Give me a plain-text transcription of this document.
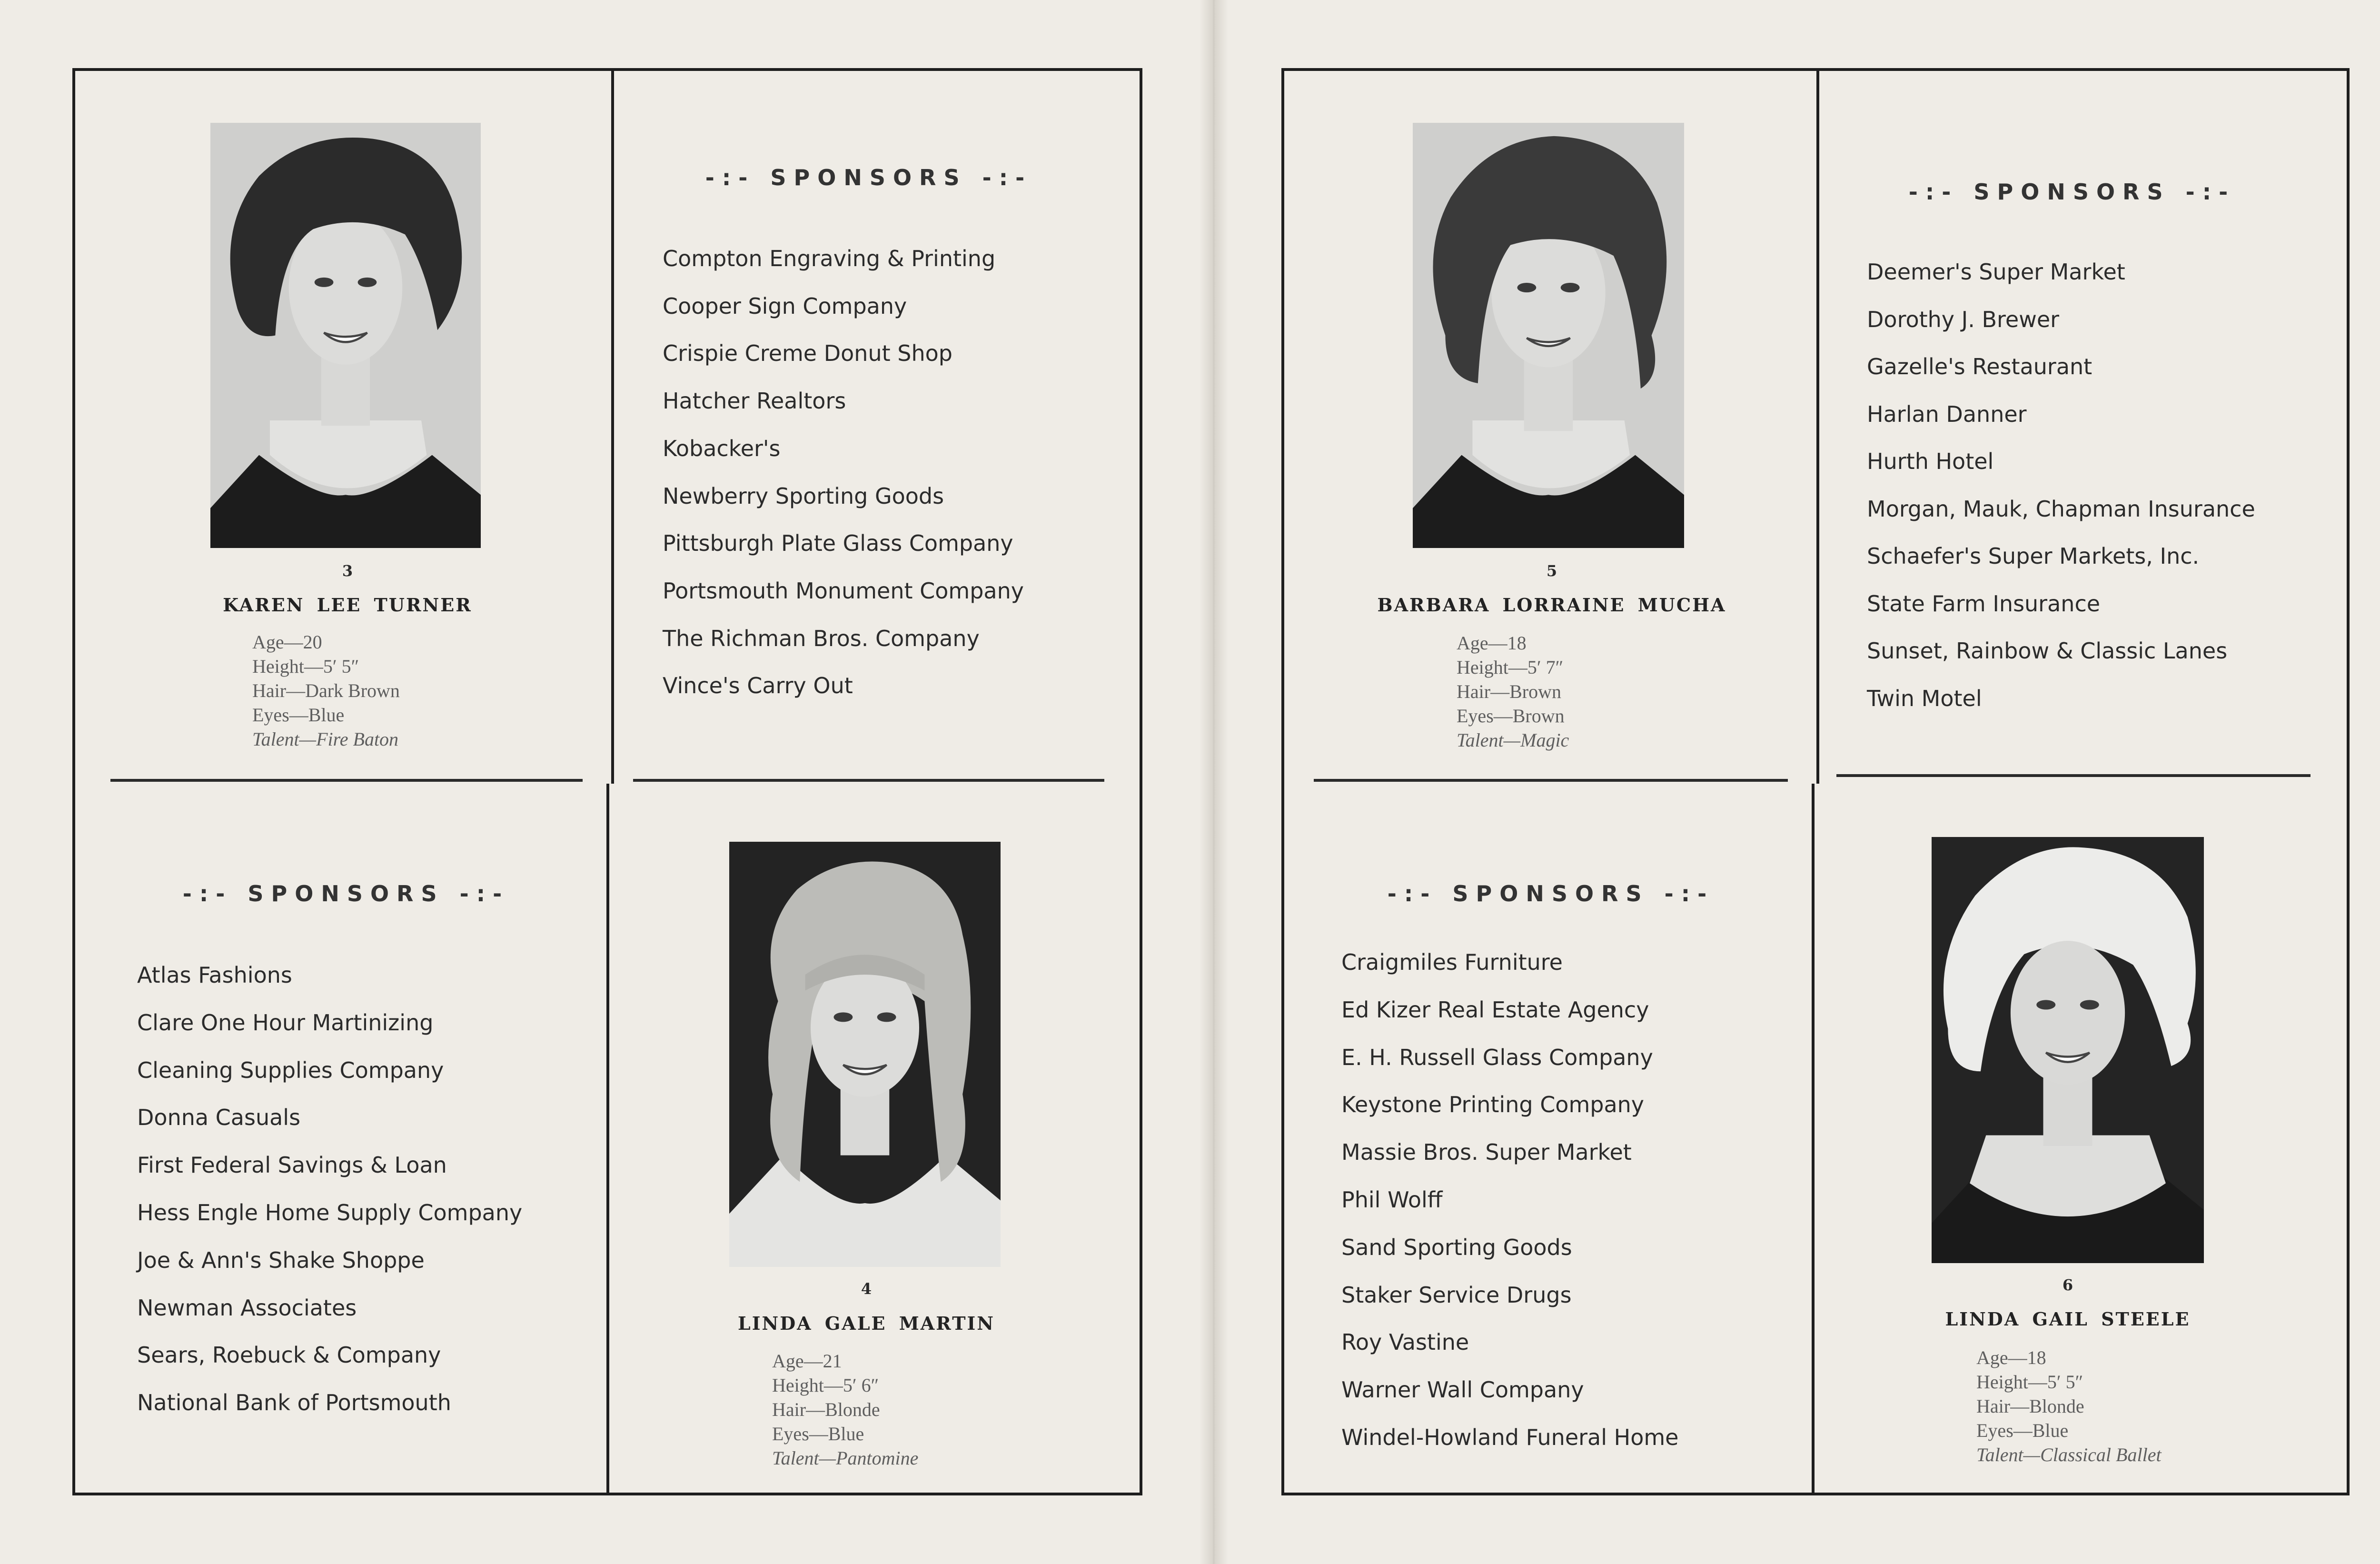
3
KAREN LEE TURNER
Age—20
Height—5′ 5″
Hair—Dark Brown
Eyes—Blue
Talent—Fire Baton
-:- SPONSORS -:-
Compton Engraving & Printing
Cooper Sign Company
Crispie Creme Donut Shop
Hatcher Realtors
Kobacker's
Newberry Sporting Goods
Pittsburgh Plate Glass Company
Portsmouth Monument Company
The Richman Bros. Company
Vince's Carry Out
-:- SPONSORS -:-
Atlas Fashions
Clare One Hour Martinizing
Cleaning Supplies Company
Donna Casuals
First Federal Savings & Loan
Hess Engle Home Supply Company
Joe & Ann's Shake Shoppe
Newman Associates
Sears, Roebuck & Company
National Bank of Portsmouth
4
LINDA GALE MARTIN
Age—21
Height—5′ 6″
Hair—Blonde
Eyes—Blue
Talent—Pantomine
5
BARBARA LORRAINE MUCHA
Age—18
Height—5′ 7″
Hair—Brown
Eyes—Brown
Talent—Magic
-:- SPONSORS -:-
Deemer's Super Market
Dorothy J. Brewer
Gazelle's Restaurant
Harlan Danner
Hurth Hotel
Morgan, Mauk, Chapman Insurance
Schaefer's Super Markets, Inc.
State Farm Insurance
Sunset, Rainbow & Classic Lanes
Twin Motel
-:- SPONSORS -:-
Craigmiles Furniture
Ed Kizer Real Estate Agency
E. H. Russell Glass Company
Keystone Printing Company
Massie Bros. Super Market
Phil Wolff
Sand Sporting Goods
Staker Service Drugs
Roy Vastine
Warner Wall Company
Windel-Howland Funeral Home
6
LINDA GAIL STEELE
Age—18
Height—5′ 5″
Hair—Blonde
Eyes—Blue
Talent—Classical Ballet
